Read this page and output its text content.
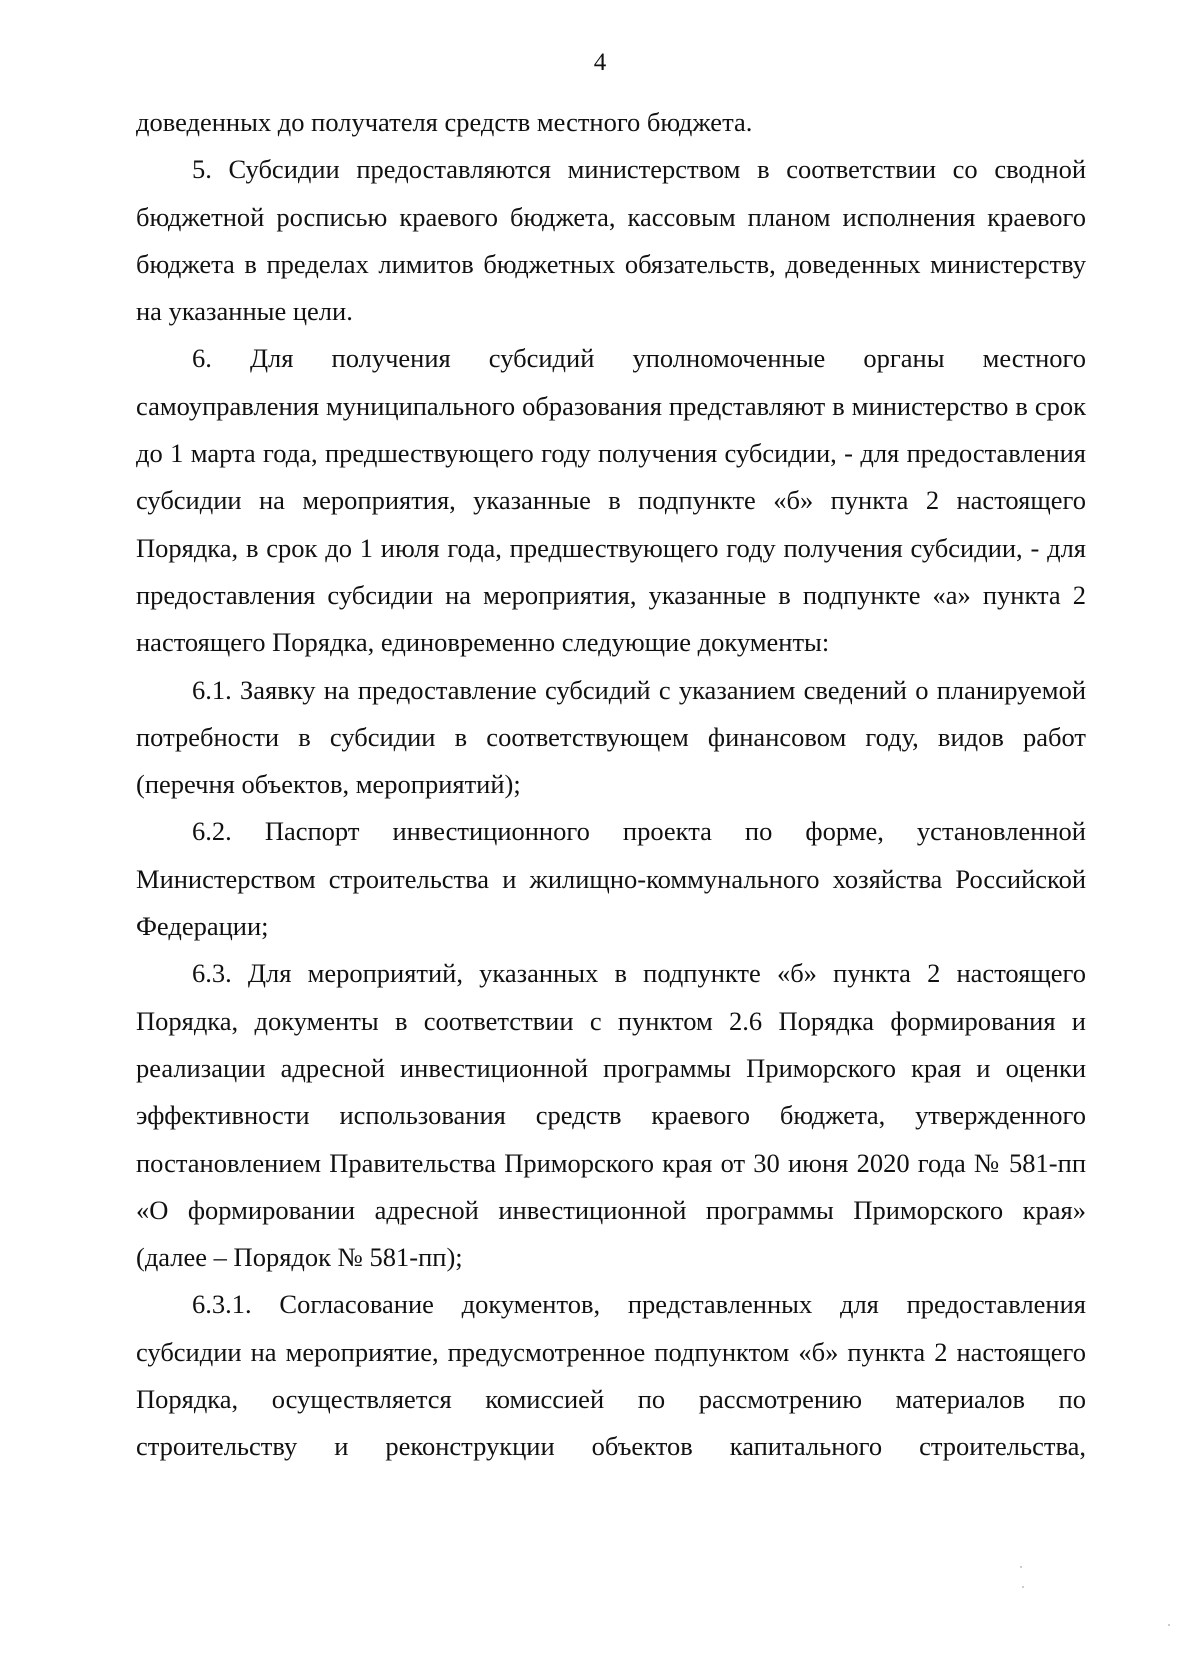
4

доведенных до получателя средств местного бюджета.

5. Субсидии предоставляются министерством в соответствии со сводной бюджетной росписью краевого бюджета, кассовым планом исполнения краевого бюджета в пределах лимитов бюджетных обязательств, доведенных министерству на указанные цели.

6. Для получения субсидий уполномоченные органы местного самоуправления муниципального образования представляют в министерство в срок до 1 марта года, предшествующего году получения субсидии, - для предоставления субсидии на мероприятия, указанные в подпункте «б» пункта 2 настоящего Порядка, в срок до 1 июля года, предшествующего году получения субсидии, - для предоставления субсидии на мероприятия, указанные в подпункте «а» пункта 2 настоящего Порядка, единовременно следующие документы:

6.1. Заявку на предоставление субсидий с указанием сведений о планируемой потребности в субсидии в соответствующем финансовом году, видов работ (перечня объектов, мероприятий);

6.2. Паспорт инвестиционного проекта по форме, установленной Министерством строительства и жилищно-коммунального хозяйства Российской Федерации;

6.3. Для мероприятий, указанных в подпункте «б» пункта 2 настоящего Порядка, документы в соответствии с пунктом 2.6 Порядка формирования и реализации адресной инвестиционной программы Приморского края и оценки эффективности использования средств краевого бюджета, утвержденного постановлением Правительства Приморского края от 30 июня 2020 года № 581-пп «О формировании адресной инвестиционной программы Приморского края» (далее – Порядок № 581-пп);

6.3.1. Согласование документов, представленных для предоставления субсидии на мероприятие, предусмотренное подпунктом «б» пункта 2 настоящего Порядка, осуществляется комиссией по рассмотрению материалов по строительству и реконструкции объектов капитального строительства,
